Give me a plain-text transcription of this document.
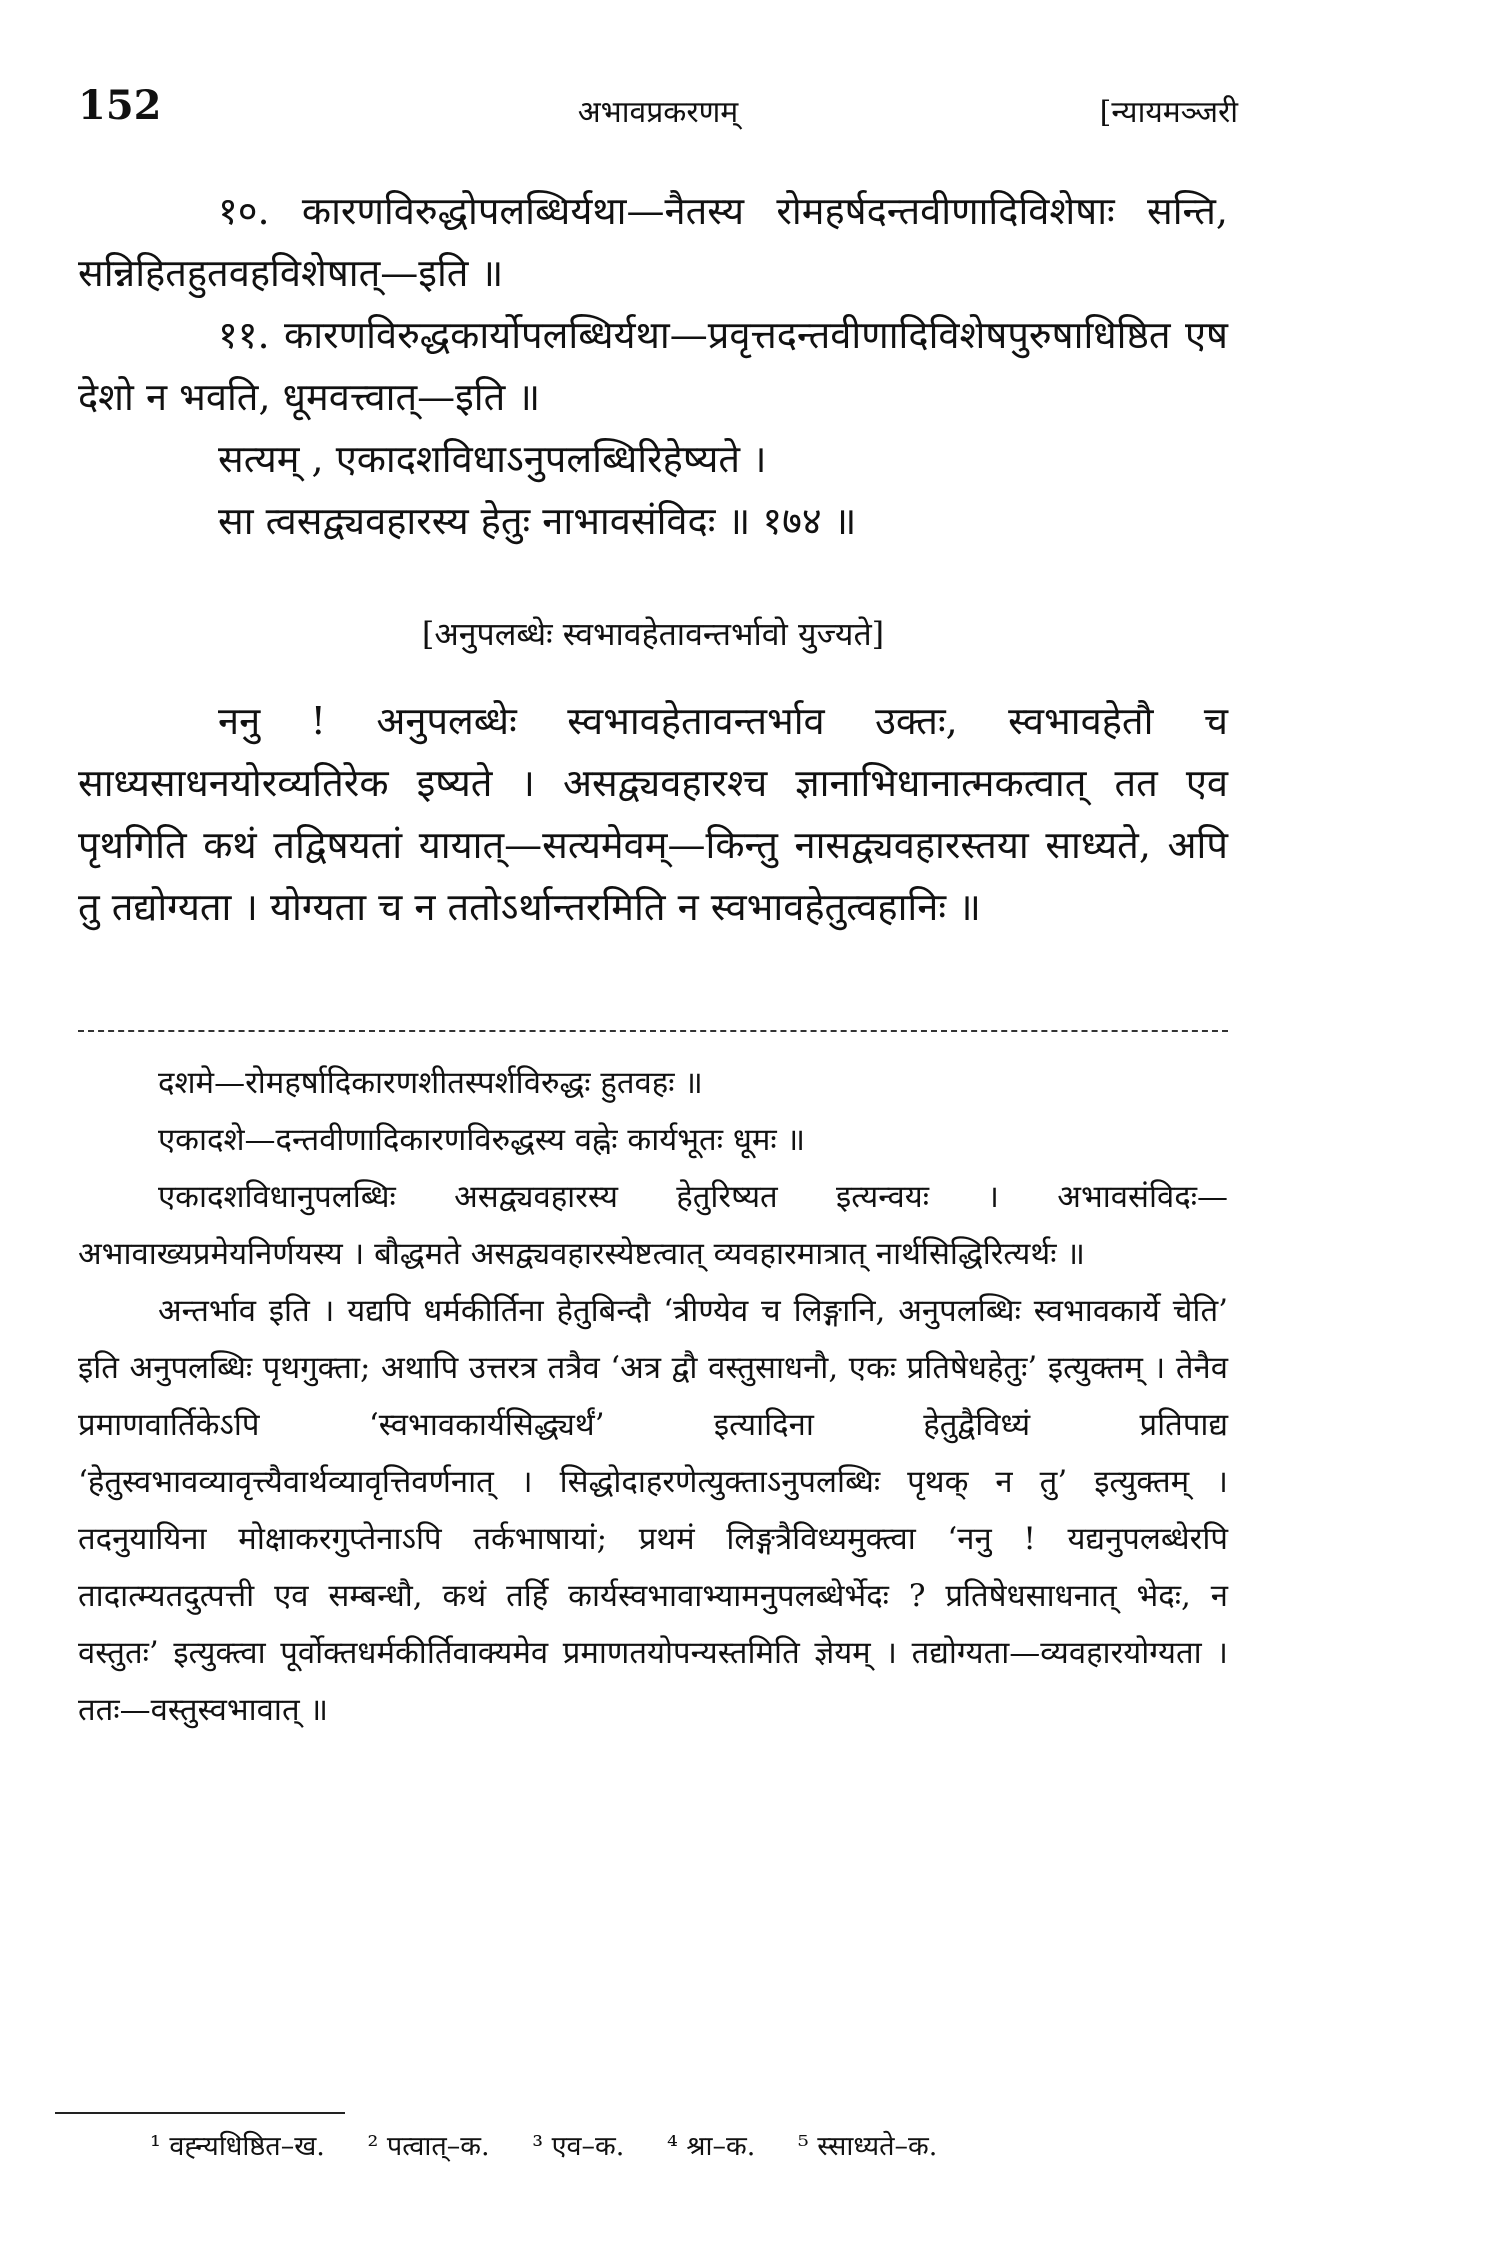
152	अभावप्रकरणम्	[न्यायमञ्जरी

१०. कारणविरुद्धोपलब्धिर्यथा—नैतस्य रोमहर्षदन्तवीणादिविशेषाः सन्ति, सन्निहितहुतवहविशेषात्—इति ॥

११. कारणविरुद्धकार्योपलब्धिर्यथा—प्रवृत्तदन्तवीणादिविशेषपुरुषाधिष्ठित एष देशो न भवति, धूमवत्त्वात्—इति ॥

सत्यम् , एकादशविधाऽनुपलब्धिरिहेष्यते ।

सा त्वसद्व्यवहारस्य हेतुः नाभावसंविदः ॥ १७४ ॥

[अनुपलब्धेः स्वभावहेतावन्तर्भावो युज्यते]

ननु ! अनुपलब्धेः स्वभावहेतावन्तर्भाव उक्तः, स्वभावहेतौ च साध्यसाधनयोरव्यतिरेक इष्यते । असद्व्यवहारश्च ज्ञानाभिधानात्मकत्वात् तत एव पृथगिति कथं तद्विषयतां यायात्—सत्यमेवम्—किन्तु नासद्व्यवहारस्तया साध्यते, अपि तु तद्योग्यता । योग्यता च न ततोऽर्थान्तरमिति न स्वभावहेतुत्वहानिः ॥

दशमे—रोमहर्षादिकारणशीतस्पर्शविरुद्धः हुतवहः ॥

एकादशे—दन्तवीणादिकारणविरुद्धस्य वह्नेः कार्यभूतः धूमः ॥

एकादशविधानुपलब्धिः असद्व्यवहारस्य हेतुरिष्यत इत्यन्वयः । अभावसंविदः—अभावाख्यप्रमेयनिर्णयस्य । बौद्धमते असद्व्यवहारस्येष्टत्वात् व्यवहारमात्रात् नार्थसिद्धिरित्यर्थः ॥

अन्तर्भाव इति । यद्यपि धर्मकीर्तिना हेतुबिन्दौ ‘त्रीण्येव च लिङ्गानि, अनुपलब्धिः स्वभावकार्ये चेति’ इति अनुपलब्धिः पृथगुक्ता; अथापि उत्तरत्र तत्रैव ‘अत्र द्वौ वस्तुसाधनौ, एकः प्रतिषेधहेतुः’ इत्युक्तम् । तेनैव प्रमाणवार्तिकेऽपि ‘स्वभावकार्यसिद्ध्यर्थं’ इत्यादिना हेतुद्वैविध्यं प्रतिपाद्य ‘हेतुस्वभावव्यावृत्त्यैवार्थव्यावृत्तिवर्णनात् । सिद्धोदाहरणेत्युक्ताऽनुपलब्धिः पृथक् न तु’ इत्युक्तम् । तदनुयायिना मोक्षाकरगुप्तेनाऽपि तर्कभाषायां; प्रथमं लिङ्गत्रैविध्यमुक्त्वा ‘ननु ! यद्यनुपलब्धेरपि तादात्म्यतदुत्पत्ती एव सम्बन्धौ, कथं तर्हि कार्यस्वभावाभ्यामनुपलब्धेर्भेदः ? प्रतिषेधसाधनात् भेदः, न वस्तुतः’ इत्युक्त्वा पूर्वोक्तधर्मकीर्तिवाक्यमेव प्रमाणतयोपन्यस्तमिति ज्ञेयम् । तद्योग्यता—व्यवहारयोग्यता । ततः—वस्तुस्वभावात् ॥

¹ वह्न्यधिष्ठित–ख. ² पत्वात्–क. ³ एव–क. ⁴ श्रा–क. ⁵ स्साध्यते–क.
